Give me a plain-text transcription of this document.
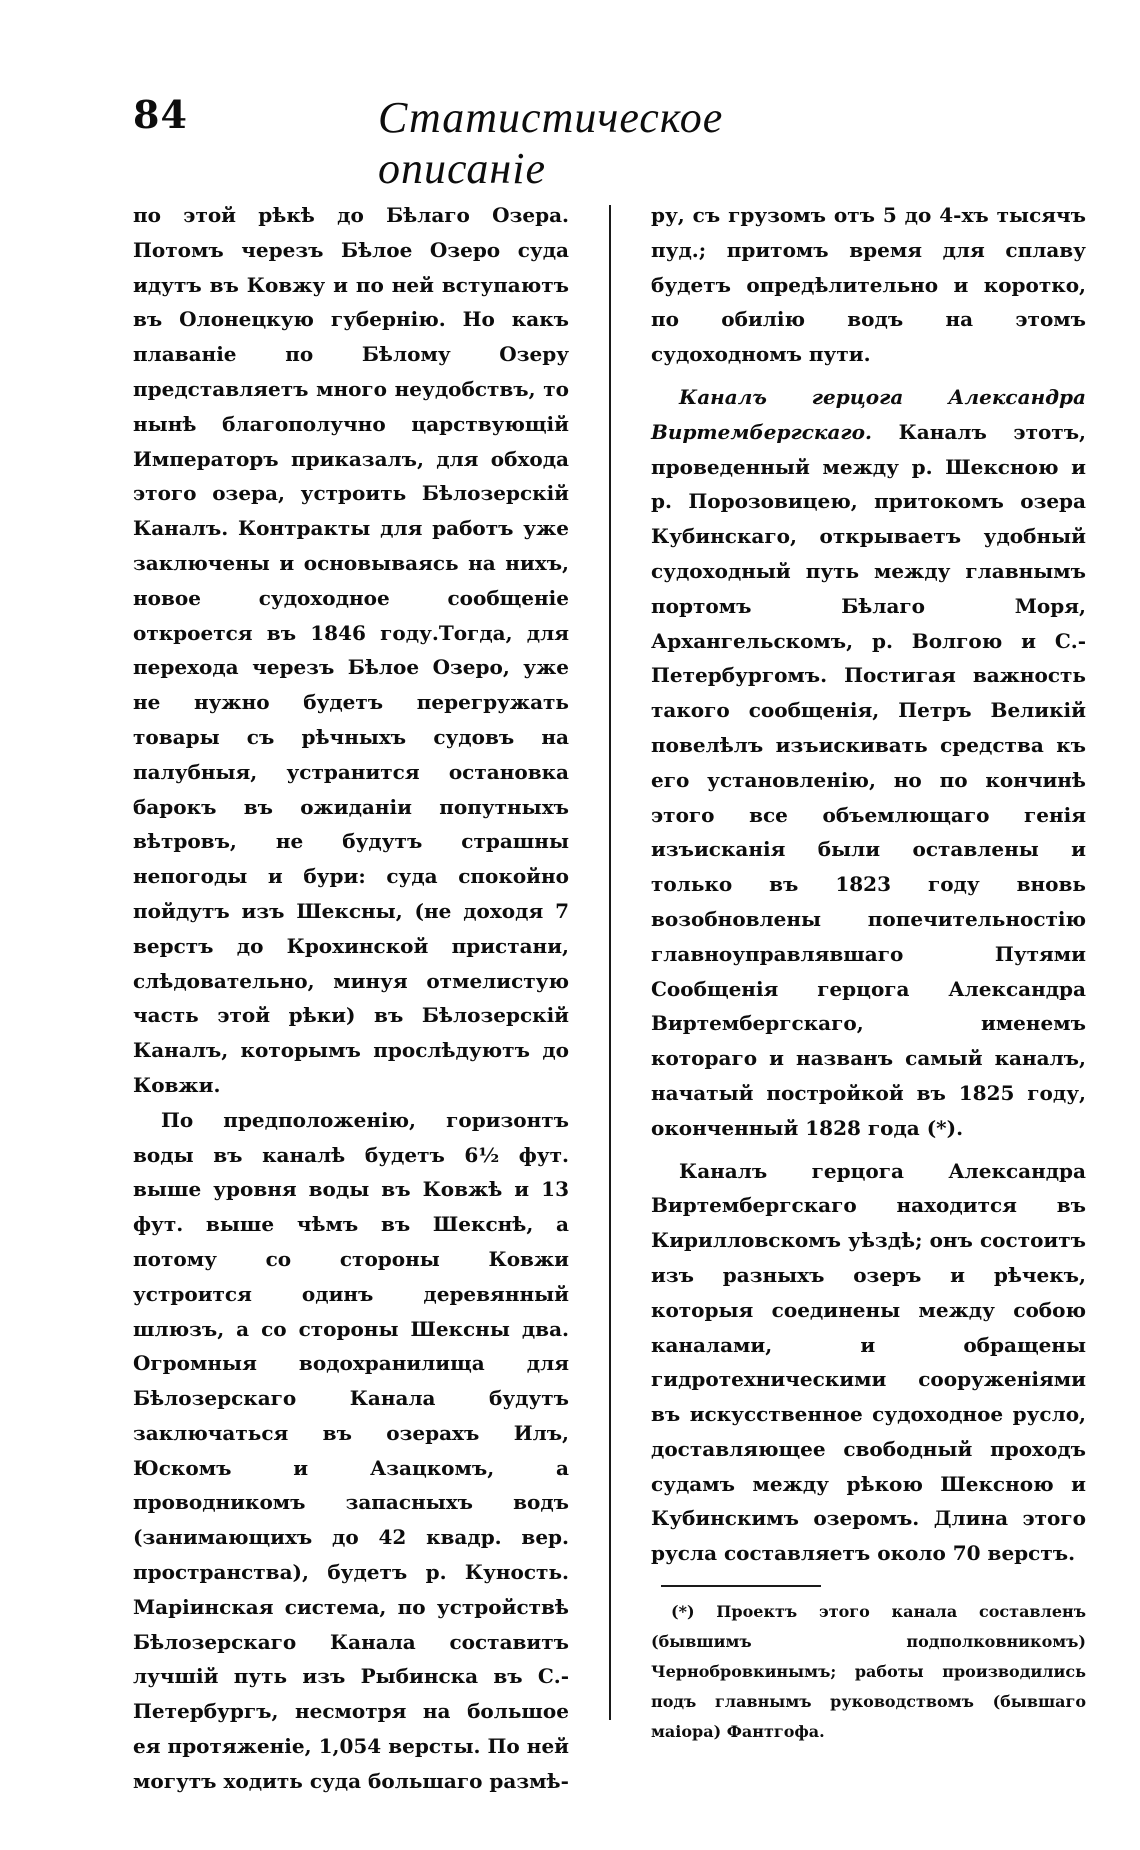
84	Статистическое описаніе

по этой рѣкѣ до Бѣлаго Озера. Потомъ черезъ Бѣлое Озеро суда идутъ въ Ковжу и по ней вступаютъ въ Олонецкую губернію. Но какъ плаваніе по Бѣлому Озеру представляетъ много неудобствъ, то нынѣ благополучно царствующій Императоръ приказалъ, для обхода этого озера, устроить Бѣлозерскій Каналъ. Контракты для работъ уже заключены и основываясь на нихъ, новое судоходное сообщеніе откроется въ 1846 году.Тогда, для перехода черезъ Бѣлое Озеро, уже не нужно будетъ перегружать товары съ рѣчныхъ судовъ на палубныя, устранится остановка барокъ въ ожиданіи попутныхъ вѣтровъ, не будутъ страшны непогоды и бури: суда спокойно пойдутъ изъ Шексны, (не доходя 7 верстъ до Крохинской пристани, слѣдовательно, минуя отмелистую часть этой рѣки) въ Бѣлозерскій Каналъ, которымъ прослѣдуютъ до Ковжи.

По предположенію, горизонтъ воды въ каналѣ будетъ 6½ фут. выше уровня воды въ Ковжѣ и 13 фут. выше чѣмъ въ Шекснѣ, а потому со стороны Ковжи устроится одинъ деревянный шлюзъ, а со стороны Шексны два. Огромныя водохранилища для Бѣлозерскаго Канала будутъ заключаться въ озерахъ Илъ, Юскомъ и Азацкомъ, а проводникомъ запасныхъ водъ (занимающихъ до 42 квадр. вер. пространства), будетъ р. Куность. Маріинская система, по устройствѣ Бѣлозерскаго Канала составитъ лучшій путь изъ Рыбинска въ С.-Петербургъ, несмотря на большое ея протяженіе, 1,054 версты. По ней могутъ ходить суда большаго размѣ-

ру, съ грузомъ отъ 5 до 4-хъ тысячъ пуд.; притомъ время для сплаву будетъ опредѣлительно и коротко, по обилію водъ на этомъ судоходномъ пути.

Каналъ герцога Александра Виртембергскаго. Каналъ этотъ, проведенный между р. Шексною и р. Порозовицею, притокомъ озера Кубинскаго, открываетъ удобный судоходный путь между главнымъ портомъ Бѣлаго Моря, Архангельскомъ, р. Волгою и С.-Петербургомъ. Постигая важность такого сообщенія, Петръ Великій повелѣлъ изъискивать средства къ его установленію, но по кончинѣ этого все объемлющаго генія изъисканія были оставлены и только въ 1823 году вновь возобновлены попечительностію главноуправлявшаго Путями Сообщенія герцога Александра Виртембергскаго, именемъ котораго и названъ самый каналъ, начатый постройкой въ 1825 году, оконченный 1828 года (*).

Каналъ герцога Александра Виртембергскаго находится въ Кирилловскомъ уѣздѣ; онъ состоитъ изъ разныхъ озеръ и рѣчекъ, которыя соединены между собою каналами, и обращены гидротехническими сооруженіями въ искусственное судоходное русло, доставляющее свободный проходъ судамъ между рѣкою Шексною и Кубинскимъ озеромъ. Длина этого русла составляетъ около 70 верстъ.

(*) Проектъ этого канала составленъ (бывшимъ подполковникомъ) Чернобровкинымъ; работы производились подъ главнымъ руководствомъ (бывшаго маіора) Фантгофа.
